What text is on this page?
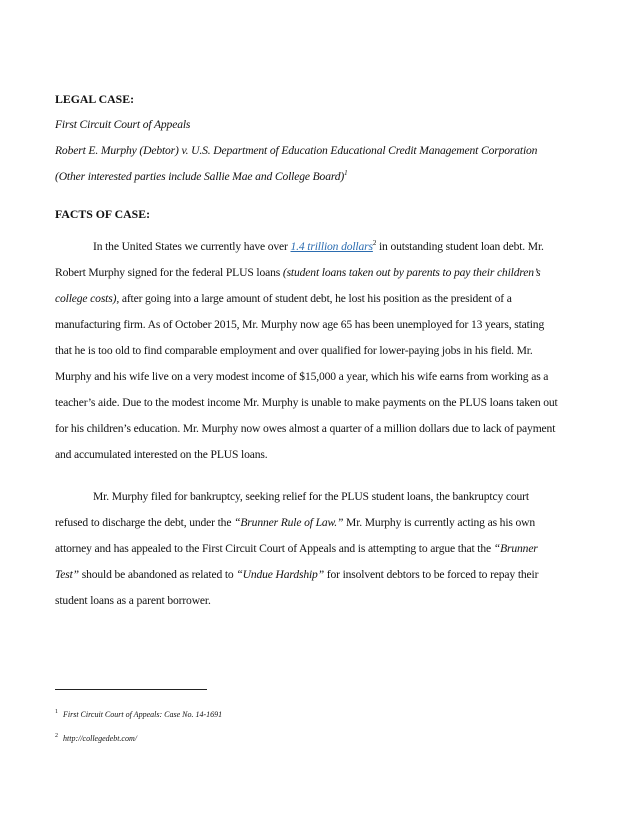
LEGAL CASE:
First Circuit Court of Appeals
Robert E. Murphy (Debtor) v. U.S. Department of Education Educational Credit Management Corporation
(Other interested parties include Sallie Mae and College Board)$^1$
FACTS OF CASE:
In the United States we currently have over 1.4 trillion dollars$^2$ in outstanding student loan debt. Mr.
Robert Murphy signed for the federal PLUS loans (student loans taken out by parents to pay their children’s
college costs), after going into a large amount of student debt, he lost his position as the president of a
manufacturing firm. As of October 2015, Mr. Murphy now age 65 has been unemployed for 13 years, stating
that he is too old to find comparable employment and over qualified for lower-paying jobs in his field. Mr.
Murphy and his wife live on a very modest income of $15,000 a year, which his wife earns from working as a
teacher’s aide. Due to the modest income Mr. Murphy is unable to make payments on the PLUS loans taken out
for his children’s education. Mr. Murphy now owes almost a quarter of a million dollars due to lack of payment
and accumulated interested on the PLUS loans.
Mr. Murphy filed for bankruptcy, seeking relief for the PLUS student loans, the bankruptcy court
refused to discharge the debt, under the “Brunner Rule of Law.” Mr. Murphy is currently acting as his own
attorney and has appealed to the First Circuit Court of Appeals and is attempting to argue that the “Brunner
Test” should be abandoned as related to “Undue Hardship” for insolvent debtors to be forced to repay their
student loans as a parent borrower.
$^1$ First Circuit Court of Appeals: Case No. 14-1691
$^2$ http://collegedebt.com/
